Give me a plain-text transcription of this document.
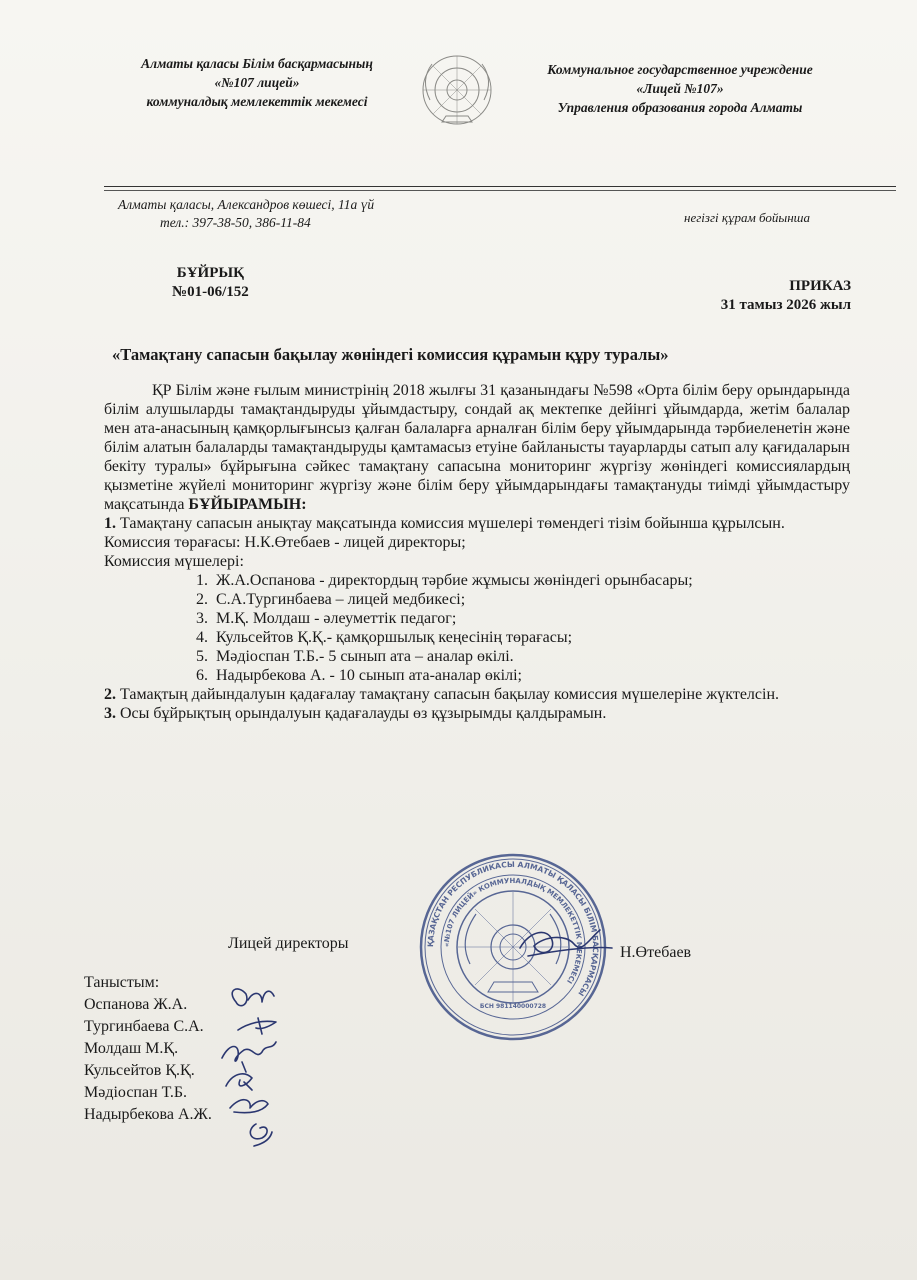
Алматы қаласы Білім басқармасының
«№107 лицей»
коммуналдық мемлекеттік мекемесі
Коммунальное государственное учреждение
«Лицей №107»
Управления образования города Алматы
Алматы қаласы, Александров көшесі, 11а үй
тел.: 397-38-50, 386-11-84	негізгі құрам бойынша
БҰЙРЫҚ
№01-06/152	ПРИКАЗ
31 тамыз 2026 жыл
«Тамақтану сапасын бақылау жөніндегі комиссия құрамын құру туралы»

ҚР Білім және ғылым министрінің 2018 жылғы 31 қазанындағы №598 «Орта білім беру орындарында білім алушыларды тамақтандыруды ұйымдастыру, сондай ақ мектепке дейінгі ұйымдарда, жетім балалар мен ата-анасының қамқорлығынсыз қалған балаларға арналған білім беру ұйымдарында тәрбиеленетін және білім алатын балаларды тамақтандыруды қамтамасыз етуіне байланысты тауарларды сатып алу қағидаларын бекіту туралы» бұйрығына сәйкес тамақтану сапасына мониторинг жүргізу жөніндегі комиссиялардың қызметіне жүйелі мониторинг жүргізу және білім беру ұйымдарындағы тамақтануды тиімді ұйымдастыру мақсатында БҰЙЫРАМЫН:

1. Тамақтану сапасын анықтау мақсатында комиссия мүшелері төмендегі тізім бойынша құрылсын.

Комиссия төрағасы: Н.К.Өтебаев - лицей директоры;

Комиссия мүшелері:

1. Ж.А.Оспанова - директордың тәрбие жұмысы жөніндегі орынбасары;
2. С.А.Тургинбаева – лицей медбикесі;
3. М.Қ. Молдаш - әлеуметтік педагог;
4. Кульсейтов Қ.Қ.- қамқоршылық кеңесінің төрағасы;
5. Мәдіоспан Т.Б.- 5 сынып ата – аналар өкілі.
6. Надырбекова А. - 10 сынып ата-аналар өкілі;

2. Тамақтың дайындалуын қадағалау тамақтану сапасын бақылау комиссия мүшелеріне жүктелсін.

3. Осы бұйрықтың орындалуын қадағалауды өз құзырымды қалдырамын.

Лицей директоры
Н.Өтебаев
ҚАЗАҚСТАН РЕСПУБЛИКАСЫ АЛМАТЫ ҚАЛАСЫ БІЛІМ БАСҚАРМАСЫ
«№107 ЛИЦЕЙ» КОММУНАЛДЫҚ МЕМЛЕКЕТТІК МЕКЕМЕСІ
БСН 981140000728
Таныстым:
Оспанова Ж.А.
Тургинбаева С.А.
Молдаш М.Қ.
Кульсейтов Қ.Қ.
Мәдіоспан Т.Б.
Надырбекова А.Ж.
